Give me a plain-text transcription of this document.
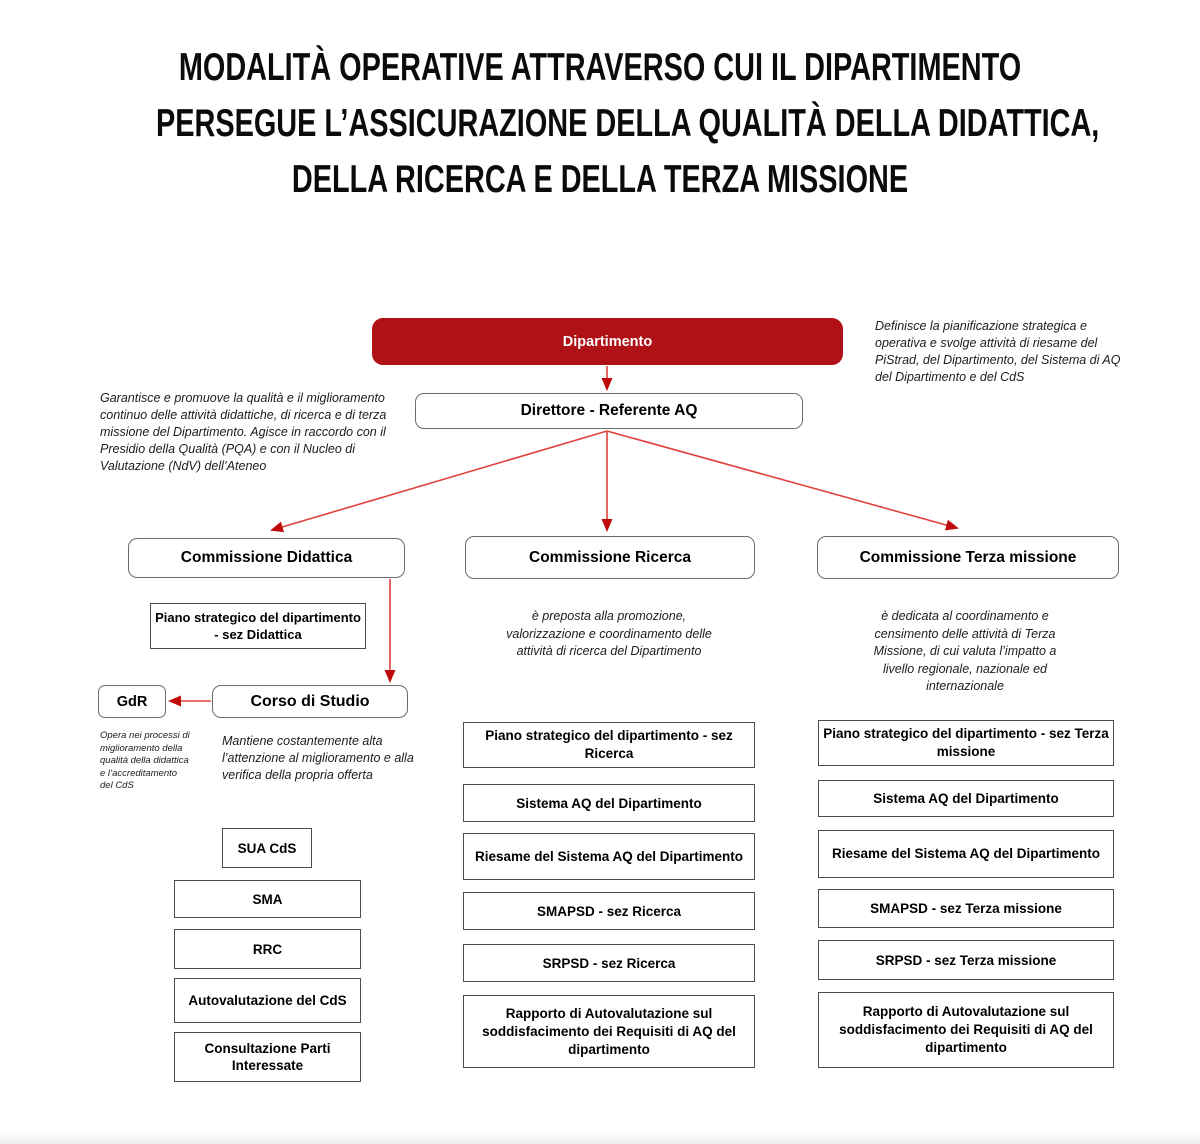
MODALITÀ OPERATIVE ATTRAVERSO CUI IL DIPARTIMENTO
PERSEGUE L’ASSICURAZIONE DELLA QUALITÀ DELLA DIDATTICA,
DELLA RICERCA E DELLA TERZA MISSIONE
Dipartimento
Definisce la pianificazione strategica e operativa e svolge attività di riesame del PiStrad, del Dipartimento, del Sistema di AQ del Dipartimento e del CdS
Garantisce e promuove la qualità e il miglioramento continuo delle attività didattiche, di ricerca e di terza missione del Dipartimento. Agisce in raccordo con il Presidio della Qualità (PQA) e con il Nucleo di Valutazione (NdV) dell’Ateneo
Direttore - Referente AQ
Commissione Didattica	Commissione Ricerca	Commissione Terza missione
Piano strategico del dipartimento - sez Didattica
GdR	Corso di Studio
Opera nei processi di miglioramento della qualità della didattica e l’accreditamento del CdS
Mantiene costantemente alta l’attenzione al miglioramento e alla verifica della propria offerta
SUA CdS
SMA
RRC
Autovalutazione del CdS
Consultazione Parti Interessate
è preposta alla promozione, valorizzazione e coordinamento delle attività di ricerca del Dipartimento
Piano strategico del dipartimento - sez Ricerca
Sistema AQ del Dipartimento
Riesame del Sistema AQ del Dipartimento
SMAPSD - sez Ricerca
SRPSD - sez Ricerca
Rapporto di Autovalutazione sul soddisfacimento dei Requisiti di AQ del dipartimento
è dedicata al coordinamento e censimento delle attività di Terza Missione, di cui valuta l’impatto a livello regionale, nazionale ed internazionale
Piano strategico del dipartimento - sez Terza missione
Sistema AQ del Dipartimento
Riesame del Sistema AQ del Dipartimento
SMAPSD - sez Terza missione
SRPSD - sez Terza missione
Rapporto di Autovalutazione sul soddisfacimento dei Requisiti di AQ del dipartimento
